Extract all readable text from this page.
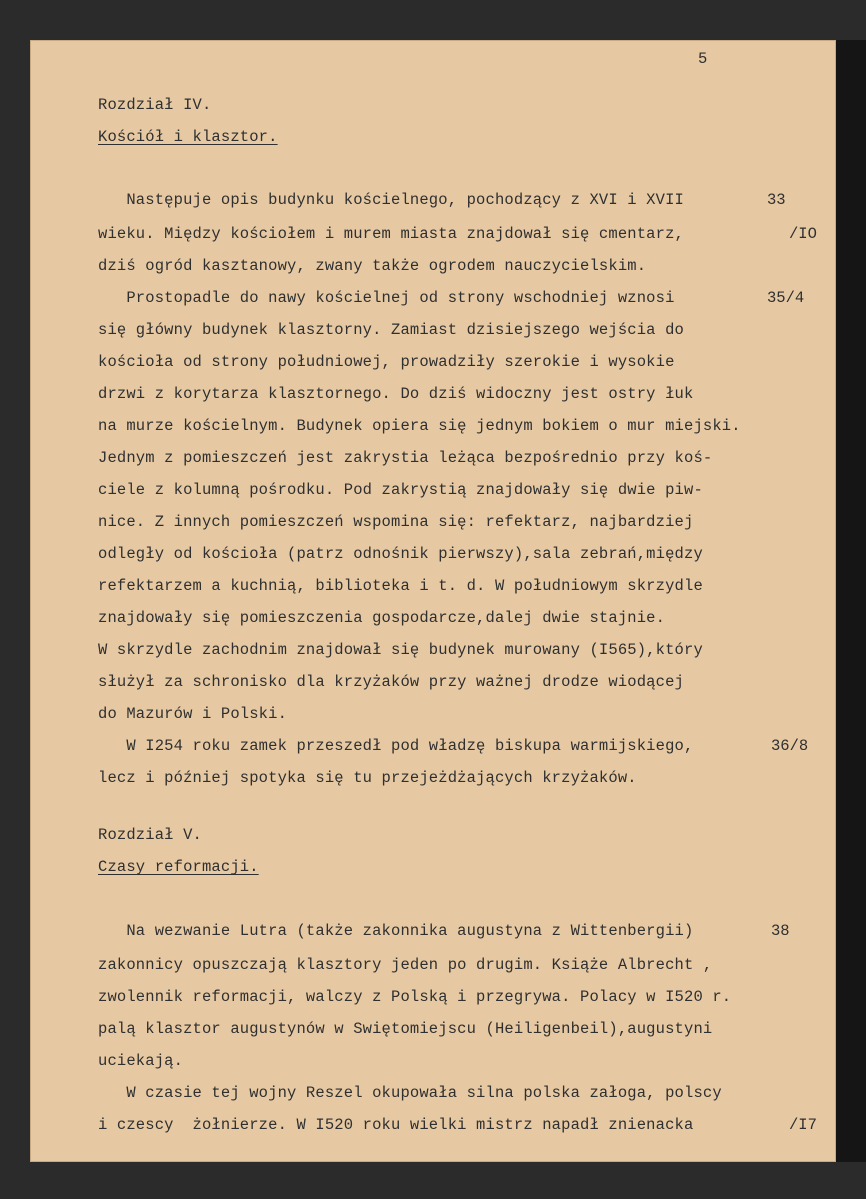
5
Rozdział IV.
Kościół i klasztor.
Następuje opis budynku kościelnego, pochodzący z XVI i XVII
wieku. Między kościołem i murem miasta znajdował się cmentarz,
dziś ogród kasztanowy, zwany także ogrodem nauczycielskim.
Prostopadle do nawy kościelnej od strony wschodniej wznosi
się główny budynek klasztorny. Zamiast dzisiejszego wejścia do
kościoła od strony południowej, prowadziły szerokie i wysokie
drzwi z korytarza klasztornego. Do dziś widoczny jest ostry łuk
na murze kościelnym. Budynek opiera się jednym bokiem o mur miejski.
Jednym z pomieszczeń jest zakrystia leżąca bezpośrednio przy koś-
ciele z kolumną pośrodku. Pod zakrystią znajdowały się dwie piw-
nice. Z innych pomieszczeń wspomina się: refektarz, najbardziej
odległy od kościoła (patrz odnośnik pierwszy),sala zebrań,między
refektarzem a kuchnią, biblioteka i t. d. W południowym skrzydle
znajdowały się pomieszczenia gospodarcze,dalej dwie stajnie.
W skrzydle zachodnim znajdował się budynek murowany (I565),który
służył za schronisko dla krzyżaków przy ważnej drodze wiodącej
do Mazurów i Polski.
W I254 roku zamek przeszedł pod władzę biskupa warmijskiego,
lecz i później spotyka się tu przejeżdżających krzyżaków.
Rozdział V.
Czasy reformacji.
Na wezwanie Lutra (także zakonnika augustyna z Wittenbergii)
zakonnicy opuszczają klasztory jeden po drugim. Książe Albrecht ,
zwolennik reformacji, walczy z Polską i przegrywa. Polacy w I520 r.
palą klasztor augustynów w Swiętomiejscu (Heiligenbeil),augustyni
uciekają.
W czasie tej wojny Reszel okupowała silna polska załoga, polscy
i czescy  żołnierze. W I520 roku wielki mistrz napadł znienacka
33
/IO
35/4
36/8
38
/I7
